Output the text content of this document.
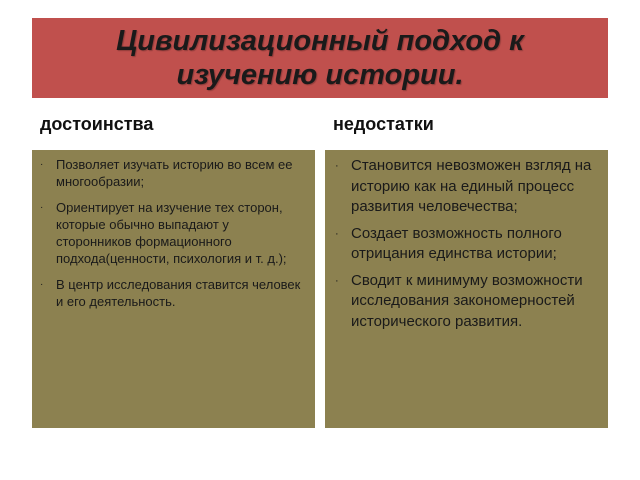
Цивилизационный подход к изучению истории.
достоинства	недостатки
· Позволяет изучать историю во всем ее многообразии;
· Ориентирует на изучение тех сторон, которые обычно выпадают у сторонников формационного подхода(ценности, психология и т. д.);
· В центр исследования ставится человек и его деятельность.
· Становится невозможен взгляд на историю как на единый процесс развития человечества;
· Создает возможность полного отрицания единства истории;
· Сводит к минимуму возможности исследования закономерностей исторического развития.
